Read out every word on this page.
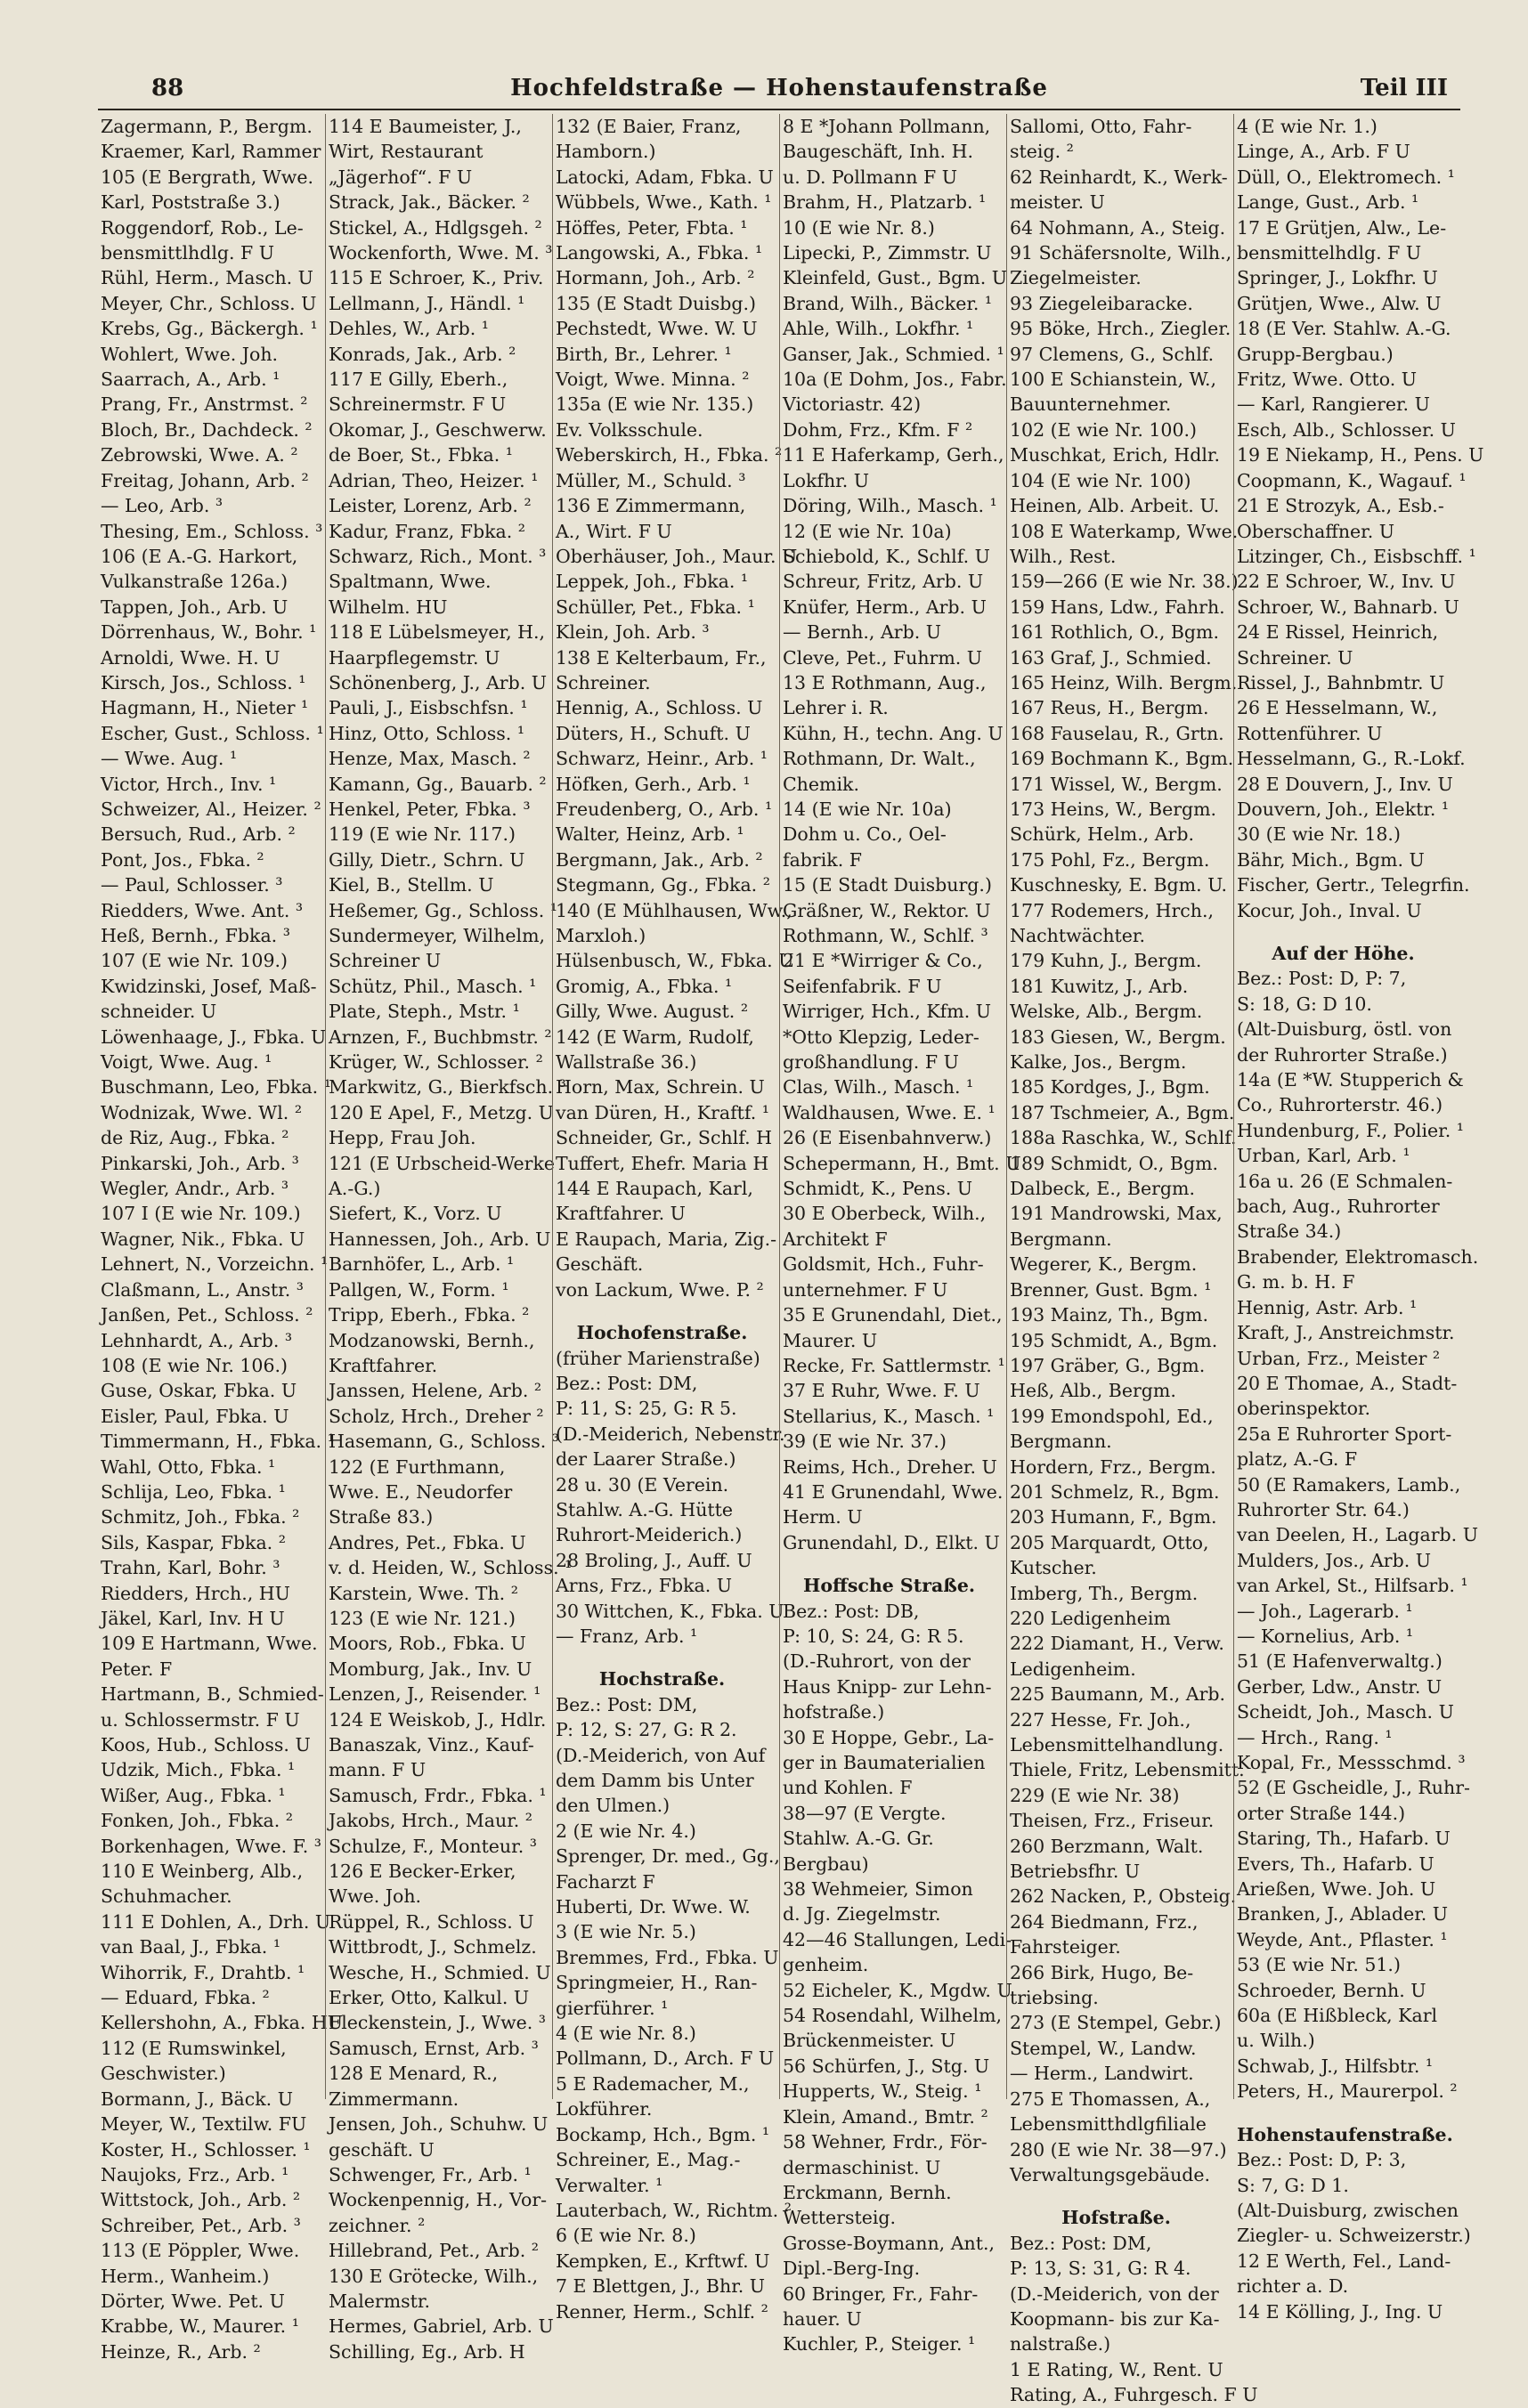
88	Hochfeldstraße — Hohenstaufenstraße	Teil III
Zagermann, P., Bergm.
Kraemer, Karl, Rammer
105 (E Bergrath, Wwe.
Karl, Poststraße 3.)
Roggendorf, Rob., Le-
bensmittlhdlg. F U
Rühl, Herm., Masch. U
Meyer, Chr., Schloss. U
Krebs, Gg., Bäckergh. ¹
Wohlert, Wwe. Joh.
Saarrach, A., Arb. ¹
Prang, Fr., Anstrmst. ²
Bloch, Br., Dachdeck. ²
Zebrowski, Wwe. A. ²
Freitag, Johann, Arb. ²
— Leo, Arb. ³
Thesing, Em., Schloss. ³
106 (E A.-G. Harkort,
Vulkanstraße 126a.)
Tappen, Joh., Arb. U
Dörrenhaus, W., Bohr. ¹
Arnoldi, Wwe. H. U
Kirsch, Jos., Schloss. ¹
Hagmann, H., Nieter ¹
Escher, Gust., Schloss. ¹
— Wwe. Aug. ¹
Victor, Hrch., Inv. ¹
Schweizer, Al., Heizer. ²
Bersuch, Rud., Arb. ²
Pont, Jos., Fbka. ²
— Paul, Schlosser. ³
Riedders, Wwe. Ant. ³
Heß, Bernh., Fbka. ³
107 (E wie Nr. 109.)
Kwidzinski, Josef, Maß-
schneider. U
Löwenhaage, J., Fbka. U
Voigt, Wwe. Aug. ¹
Buschmann, Leo, Fbka. ¹
Wodnizak, Wwe. Wl. ²
de Riz, Aug., Fbka. ²
Pinkarski, Joh., Arb. ³
Wegler, Andr., Arb. ³
107 I (E wie Nr. 109.)
Wagner, Nik., Fbka. U
Lehnert, N., Vorzeichn. ¹
Claßmann, L., Anstr. ³
Janßen, Pet., Schloss. ²
Lehnhardt, A., Arb. ³
108 (E wie Nr. 106.)
Guse, Oskar, Fbka. U
Eisler, Paul, Fbka. U
Timmermann, H., Fbka. ¹
Wahl, Otto, Fbka. ¹
Schlija, Leo, Fbka. ¹
Schmitz, Joh., Fbka. ²
Sils, Kaspar, Fbka. ²
Trahn, Karl, Bohr. ³
Riedders, Hrch., HU
Jäkel, Karl, Inv. H U
109 E Hartmann, Wwe.
Peter. F
Hartmann, B., Schmied-
u. Schlossermstr. F U
Koos, Hub., Schloss. U
Udzik, Mich., Fbka. ¹
Wißer, Aug., Fbka. ¹
Fonken, Joh., Fbka. ²
Borkenhagen, Wwe. F. ³
110 E Weinberg, Alb.,
Schuhmacher.
111 E Dohlen, A., Drh. U
van Baal, J., Fbka. ¹
Wihorrik, F., Drahtb. ¹
— Eduard, Fbka. ²
Kellershohn, A., Fbka. HU
112 (E Rumswinkel,
Geschwister.)
Bormann, J., Bäck. U
Meyer, W., Textilw. FU
Koster, H., Schlosser. ¹
Naujoks, Frz., Arb. ¹
Wittstock, Joh., Arb. ²
Schreiber, Pet., Arb. ³
113 (E Pöppler, Wwe.
Herm., Wanheim.)
Dörter, Wwe. Pet. U
Krabbe, W., Maurer. ¹
Heinze, R., Arb. ²
114 E Baumeister, J.,
Wirt, Restaurant
„Jägerhof“. F U
Strack, Jak., Bäcker. ²
Stickel, A., Hdlgsgeh. ²
Wockenforth, Wwe. M. ³
115 E Schroer, K., Priv.
Lellmann, J., Händl. ¹
Dehles, W., Arb. ¹
Konrads, Jak., Arb. ²
117 E Gilly, Eberh.,
Schreinermstr. F U
Okomar, J., Geschwerw.
de Boer, St., Fbka. ¹
Adrian, Theo, Heizer. ¹
Leister, Lorenz, Arb. ²
Kadur, Franz, Fbka. ²
Schwarz, Rich., Mont. ³
Spaltmann, Wwe.
Wilhelm. HU
118 E Lübelsmeyer, H.,
Haarpflegemstr. U
Schönenberg, J., Arb. U
Pauli, J., Eisbschfsn. ¹
Hinz, Otto, Schloss. ¹
Henze, Max, Masch. ²
Kamann, Gg., Bauarb. ²
Henkel, Peter, Fbka. ³
119 (E wie Nr. 117.)
Gilly, Dietr., Schrn. U
Kiel, B., Stellm. U
Heßemer, Gg., Schloss. ¹
Sundermeyer, Wilhelm,
Schreiner U
Schütz, Phil., Masch. ¹
Plate, Steph., Mstr. ¹
Arnzen, F., Buchbmstr. ²
Krüger, W., Schlosser. ²
Markwitz, G., Bierkfsch. ³
120 E Apel, F., Metzg. U
Hepp, Frau Joh.
121 (E Urbscheid-Werke
A.-G.)
Siefert, K., Vorz. U
Hannessen, Joh., Arb. U
Barnhöfer, L., Arb. ¹
Pallgen, W., Form. ¹
Tripp, Eberh., Fbka. ²
Modzanowski, Bernh.,
Kraftfahrer.
Janssen, Helene, Arb. ²
Scholz, Hrch., Dreher ²
Hasemann, G., Schloss. ³
122 (E Furthmann,
Wwe. E., Neudorfer
Straße 83.)
Andres, Pet., Fbka. U
v. d. Heiden, W., Schloss. ¹
Karstein, Wwe. Th. ²
123 (E wie Nr. 121.)
Moors, Rob., Fbka. U
Momburg, Jak., Inv. U
Lenzen, J., Reisender. ¹
124 E Weiskob, J., Hdlr.
Banaszak, Vinz., Kauf-
mann. F U
Samusch, Frdr., Fbka. ¹
Jakobs, Hrch., Maur. ²
Schulze, F., Monteur. ³
126 E Becker-Erker,
Wwe. Joh.
Rüppel, R., Schloss. U
Wittbrodt, J., Schmelz.
Wesche, H., Schmied. U
Erker, Otto, Kalkul. U
Fleckenstein, J., Wwe. ³
Samusch, Ernst, Arb. ³
128 E Menard, R.,
Zimmermann.
Jensen, Joh., Schuhw. U
geschäft. U
Schwenger, Fr., Arb. ¹
Wockenpennig, H., Vor-
zeichner. ²
Hillebrand, Pet., Arb. ²
130 E Grötecke, Wilh.,
Malermstr.
Hermes, Gabriel, Arb. U
Schilling, Eg., Arb. H
132 (E Baier, Franz,
Hamborn.)
Latocki, Adam, Fbka. U
Wübbels, Wwe., Kath. ¹
Höffes, Peter, Fbta. ¹
Langowski, A., Fbka. ¹
Hormann, Joh., Arb. ²
135 (E Stadt Duisbg.)
Pechstedt, Wwe. W. U
Birth, Br., Lehrer. ¹
Voigt, Wwe. Minna. ²
135a (E wie Nr. 135.)
Ev. Volksschule.
Weberskirch, H., Fbka. ²
Müller, M., Schuld. ³
136 E Zimmermann,
A., Wirt. F U
Oberhäuser, Joh., Maur. U
Leppek, Joh., Fbka. ¹
Schüller, Pet., Fbka. ¹
Klein, Joh. Arb. ³
138 E Kelterbaum, Fr.,
Schreiner.
Hennig, A., Schloss. U
Düters, H., Schuft. U
Schwarz, Heinr., Arb. ¹
Höfken, Gerh., Arb. ¹
Freudenberg, O., Arb. ¹
Walter, Heinz, Arb. ¹
Bergmann, Jak., Arb. ²
Stegmann, Gg., Fbka. ²
140 (E Mühlhausen, Ww.,
Marxloh.)
Hülsenbusch, W., Fbka. U
Gromig, A., Fbka. ¹
Gilly, Wwe. August. ²
142 (E Warm, Rudolf,
Wallstraße 36.)
Horn, Max, Schrein. U
van Düren, H., Kraftf. ¹
Schneider, Gr., Schlf. H
Tuffert, Ehefr. Maria H
144 E Raupach, Karl,
Kraftfahrer. U
E Raupach, Maria, Zig.-
Geschäft.
von Lackum, Wwe. P. ²
Hochofenstraße.
(früher Marienstraße)
Bez.: Post: DM,
P: 11, S: 25, G: R 5.
(D.-Meiderich, Nebenstr.
der Laarer Straße.)
28 u. 30 (E Verein.
Stahlw. A.-G. Hütte
Ruhrort-Meiderich.)
28 Broling, J., Auff. U
Arns, Frz., Fbka. U
30 Wittchen, K., Fbka. U
— Franz, Arb. ¹
Hochstraße.
Bez.: Post: DM,
P: 12, S: 27, G: R 2.
(D.-Meiderich, von Auf
dem Damm bis Unter
den Ulmen.)
2 (E wie Nr. 4.)
Sprenger, Dr. med., Gg.,
Facharzt F
Huberti, Dr. Wwe. W.
3 (E wie Nr. 5.)
Bremmes, Frd., Fbka. U
Springmeier, H., Ran-
gierführer. ¹
4 (E wie Nr. 8.)
Pollmann, D., Arch. F U
5 E Rademacher, M.,
Lokführer.
Bockamp, Hch., Bgm. ¹
Schreiner, E., Mag.-
Verwalter. ¹
Lauterbach, W., Richtm. ²
6 (E wie Nr. 8.)
Kempken, E., Krftwf. U
7 E Blettgen, J., Bhr. U
Renner, Herm., Schlf. ²
8 E *Johann Pollmann,
Baugeschäft, Inh. H.
u. D. Pollmann F U
Brahm, H., Platzarb. ¹
10 (E wie Nr. 8.)
Lipecki, P., Zimmstr. U
Kleinfeld, Gust., Bgm. U
Brand, Wilh., Bäcker. ¹
Ahle, Wilh., Lokfhr. ¹
Ganser, Jak., Schmied. ¹
10a (E Dohm, Jos., Fabr.
Victoriastr. 42)
Dohm, Frz., Kfm. F ²
11 E Haferkamp, Gerh.,
Lokfhr. U
Döring, Wilh., Masch. ¹
12 (E wie Nr. 10a)
Schiebold, K., Schlf. U
Schreur, Fritz, Arb. U
Knüfer, Herm., Arb. U
— Bernh., Arb. U
Cleve, Pet., Fuhrm. U
13 E Rothmann, Aug.,
Lehrer i. R.
Kühn, H., techn. Ang. U
Rothmann, Dr. Walt.,
Chemik.
14 (E wie Nr. 10a)
Dohm u. Co., Oel-
fabrik. F
15 (E Stadt Duisburg.)
Gräßner, W., Rektor. U
Rothmann, W., Schlf. ³
21 E *Wirriger & Co.,
Seifenfabrik. F U
Wirriger, Hch., Kfm. U
*Otto Klepzig, Leder-
großhandlung. F U
Clas, Wilh., Masch. ¹
Waldhausen, Wwe. E. ¹
26 (E Eisenbahnverw.)
Schepermann, H., Bmt. U
Schmidt, K., Pens. U
30 E Oberbeck, Wilh.,
Architekt F
Goldsmit, Hch., Fuhr-
unternehmer. F U
35 E Grunendahl, Diet.,
Maurer. U
Recke, Fr. Sattlermstr. ¹
37 E Ruhr, Wwe. F. U
Stellarius, K., Masch. ¹
39 (E wie Nr. 37.)
Reims, Hch., Dreher. U
41 E Grunendahl, Wwe.
Herm. U
Grunendahl, D., Elkt. U
Hoffsche Straße.
Bez.: Post: DB,
P: 10, S: 24, G: R 5.
(D.-Ruhrort, von der
Haus Knipp- zur Lehn-
hofstraße.)
30 E Hoppe, Gebr., La-
ger in Baumaterialien
und Kohlen. F
38—97 (E Vergte.
Stahlw. A.-G. Gr.
Bergbau)
38 Wehmeier, Simon
d. Jg. Ziegelmstr.
42—46 Stallungen, Ledi-
genheim.
52 Eicheler, K., Mgdw. U
54 Rosendahl, Wilhelm,
Brückenmeister. U
56 Schürfen, J., Stg. U
Hupperts, W., Steig. ¹
Klein, Amand., Bmtr. ²
58 Wehner, Frdr., För-
dermaschinist. U
Erckmann, Bernh.
Wettersteig.
Grosse-Boymann, Ant.,
Dipl.-Berg-Ing.
60 Bringer, Fr., Fahr-
hauer. U
Kuchler, P., Steiger. ¹
Sallomi, Otto, Fahr-
steig. ²
62 Reinhardt, K., Werk-
meister. U
64 Nohmann, A., Steig.
91 Schäfersnolte, Wilh.,
Ziegelmeister.
93 Ziegeleibaracke.
95 Böke, Hrch., Ziegler.
97 Clemens, G., Schlf.
100 E Schianstein, W.,
Bauunternehmer.
102 (E wie Nr. 100.)
Muschkat, Erich, Hdlr.
104 (E wie Nr. 100)
Heinen, Alb. Arbeit. U.
108 E Waterkamp, Wwe.
Wilh., Rest.
159—266 (E wie Nr. 38.)
159 Hans, Ldw., Fahrh.
161 Rothlich, O., Bgm.
163 Graf, J., Schmied.
165 Heinz, Wilh. Bergm.
167 Reus, H., Bergm.
168 Fauselau, R., Grtn.
169 Bochmann K., Bgm.
171 Wissel, W., Bergm.
173 Heins, W., Bergm.
Schürk, Helm., Arb.
175 Pohl, Fz., Bergm.
Kuschnesky, E. Bgm. U.
177 Rodemers, Hrch.,
Nachtwächter.
179 Kuhn, J., Bergm.
181 Kuwitz, J., Arb.
Welske, Alb., Bergm.
183 Giesen, W., Bergm.
Kalke, Jos., Bergm.
185 Kordges, J., Bgm.
187 Tschmeier, A., Bgm.
188a Raschka, W., Schlf.
189 Schmidt, O., Bgm.
Dalbeck, E., Bergm.
191 Mandrowski, Max,
Bergmann.
Wegerer, K., Bergm.
Brenner, Gust. Bgm. ¹
193 Mainz, Th., Bgm.
195 Schmidt, A., Bgm.
197 Gräber, G., Bgm.
Heß, Alb., Bergm.
199 Emondspohl, Ed.,
Bergmann.
Hordern, Frz., Bergm.
201 Schmelz, R., Bgm.
203 Humann, F., Bgm.
205 Marquardt, Otto,
Kutscher.
Imberg, Th., Bergm.
220 Ledigenheim
222 Diamant, H., Verw.
Ledigenheim.
225 Baumann, M., Arb.
227 Hesse, Fr. Joh.,
Lebensmittelhandlung.
Thiele, Fritz, Lebensmitt.
229 (E wie Nr. 38)
Theisen, Frz., Friseur.
260 Berzmann, Walt.
Betriebsfhr. U
262 Nacken, P., Obsteig.
264 Biedmann, Frz.,
Fahrsteiger.
266 Birk, Hugo, Be-
triebsing.
273 (E Stempel, Gebr.)
Stempel, W., Landw.
— Herm., Landwirt.
275 E Thomassen, A.,
Lebensmitthdlgfiliale
280 (E wie Nr. 38—97.)
Verwaltungsgebäude.
Hofstraße.
Bez.: Post: DM,
P: 13, S: 31, G: R 4.
(D.-Meiderich, von der
Koopmann- bis zur Ka-
nalstraße.)
1 E Rating, W., Rent. U
Rating, A., Fuhrgesch. F U
4 (E wie Nr. 1.)
Linge, A., Arb. F U
Düll, O., Elektromech. ¹
Lange, Gust., Arb. ¹
17 E Grütjen, Alw., Le-
bensmittelhdlg. F U
Springer, J., Lokfhr. U
Grütjen, Wwe., Alw. U
18 (E Ver. Stahlw. A.-G.
Grupp-Bergbau.)
Fritz, Wwe. Otto. U
— Karl, Rangierer. U
Esch, Alb., Schlosser. U
19 E Niekamp, H., Pens. U
Coopmann, K., Wagauf. ¹
21 E Strozyk, A., Esb.-
Oberschaffner. U
Litzinger, Ch., Eisbschff. ¹
22 E Schroer, W., Inv. U
Schroer, W., Bahnarb. U
24 E Rissel, Heinrich,
Schreiner. U
Rissel, J., Bahnbmtr. U
26 E Hesselmann, W.,
Rottenführer. U
Hesselmann, G., R.-Lokf.
28 E Douvern, J., Inv. U
Douvern, Joh., Elektr. ¹
30 (E wie Nr. 18.)
Bähr, Mich., Bgm. U
Fischer, Gertr., Telegrfin.
Kocur, Joh., Inval. U
Auf der Höhe.
Bez.: Post: D, P: 7,
S: 18, G: D 10.
(Alt-Duisburg, östl. von
der Ruhrorter Straße.)
14a (E *W. Stupperich &
Co., Ruhrorterstr. 46.)
Hundenburg, F., Polier. ¹
Urban, Karl, Arb. ¹
16a u. 26 (E Schmalen-
bach, Aug., Ruhrorter
Straße 34.)
Brabender, Elektromasch.
G. m. b. H. F
Hennig, Astr. Arb. ¹
Kraft, J., Anstreichmstr.
Urban, Frz., Meister ²
20 E Thomae, A., Stadt-
oberinspektor.
25a E Ruhrorter Sport-
platz, A.-G. F
50 (E Ramakers, Lamb.,
Ruhrorter Str. 64.)
van Deelen, H., Lagarb. U
Mulders, Jos., Arb. U
van Arkel, St., Hilfsarb. ¹
— Joh., Lagerarb. ¹
— Kornelius, Arb. ¹
51 (E Hafenverwaltg.)
Gerber, Ldw., Anstr. U
Scheidt, Joh., Masch. U
— Hrch., Rang. ¹
Kopal, Fr., Messschmd. ³
52 (E Gscheidle, J., Ruhr-
orter Straße 144.)
Staring, Th., Hafarb. U
Evers, Th., Hafarb. U
Arießen, Wwe. Joh. U
Branken, J., Ablader. U
Weyde, Ant., Pflaster. ¹
53 (E wie Nr. 51.)
Schroeder, Bernh. U
60a (E Hißbleck, Karl
u. Wilh.)
Schwab, J., Hilfsbtr. ¹
Peters, H., Maurerpol. ²
Hohenstaufenstraße.
Bez.: Post: D, P: 3,
S: 7, G: D 1.
(Alt-Duisburg, zwischen
Ziegler- u. Schweizerstr.)
12 E Werth, Fel., Land-
richter a. D.
14 E Kölling, J., Ing. U
